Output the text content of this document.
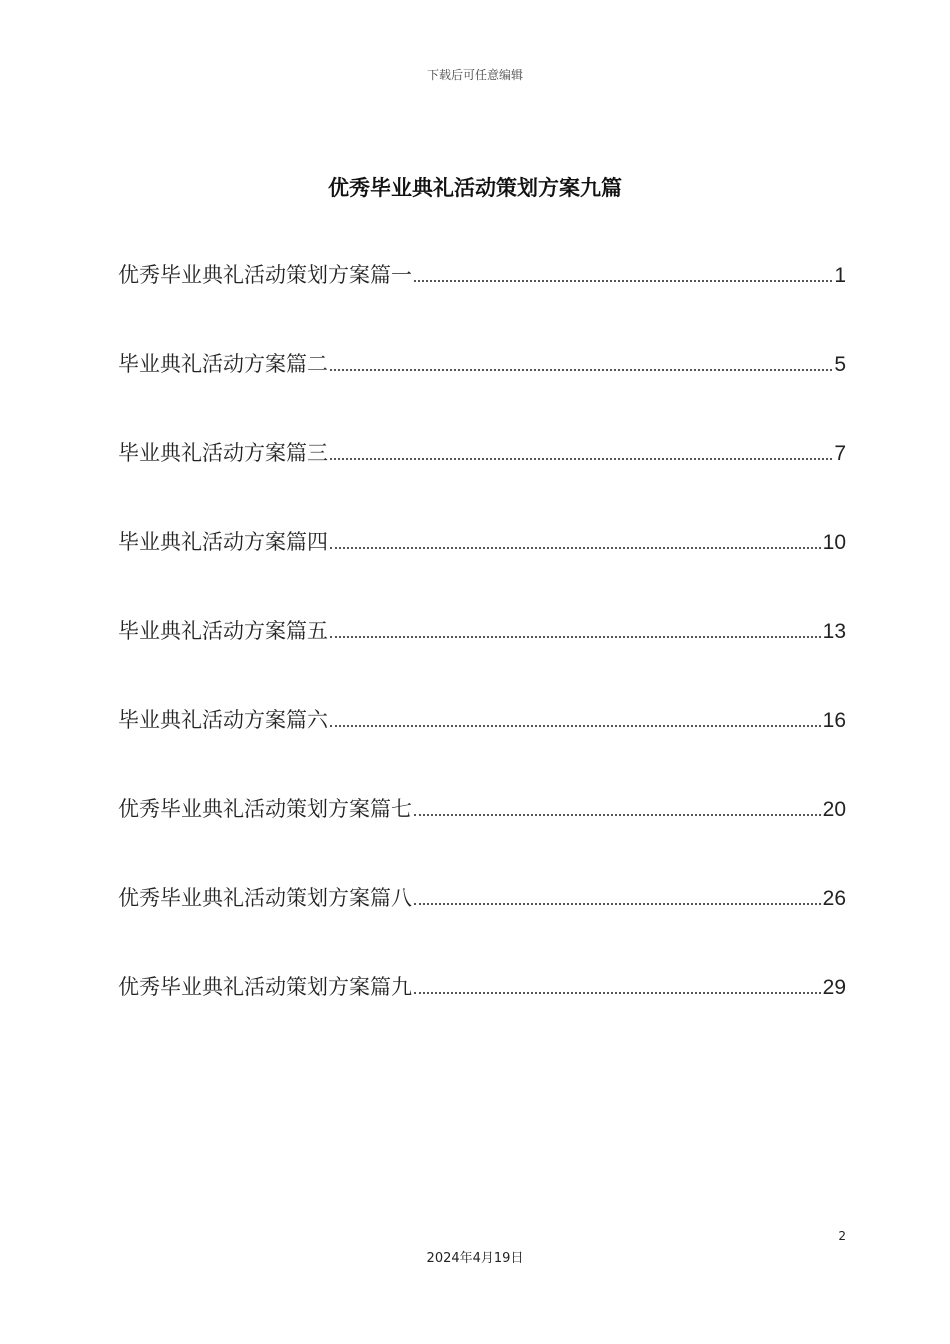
下载后可任意编辑
优秀毕业典礼活动策划方案九篇
优秀毕业典礼活动策划方案篇一	1
毕业典礼活动方案篇二	5
毕业典礼活动方案篇三	7
毕业典礼活动方案篇四	10
毕业典礼活动方案篇五	13
毕业典礼活动方案篇六	16
优秀毕业典礼活动策划方案篇七	20
优秀毕业典礼活动策划方案篇八	26
优秀毕业典礼活动策划方案篇九	29
2
2024年4月19日
